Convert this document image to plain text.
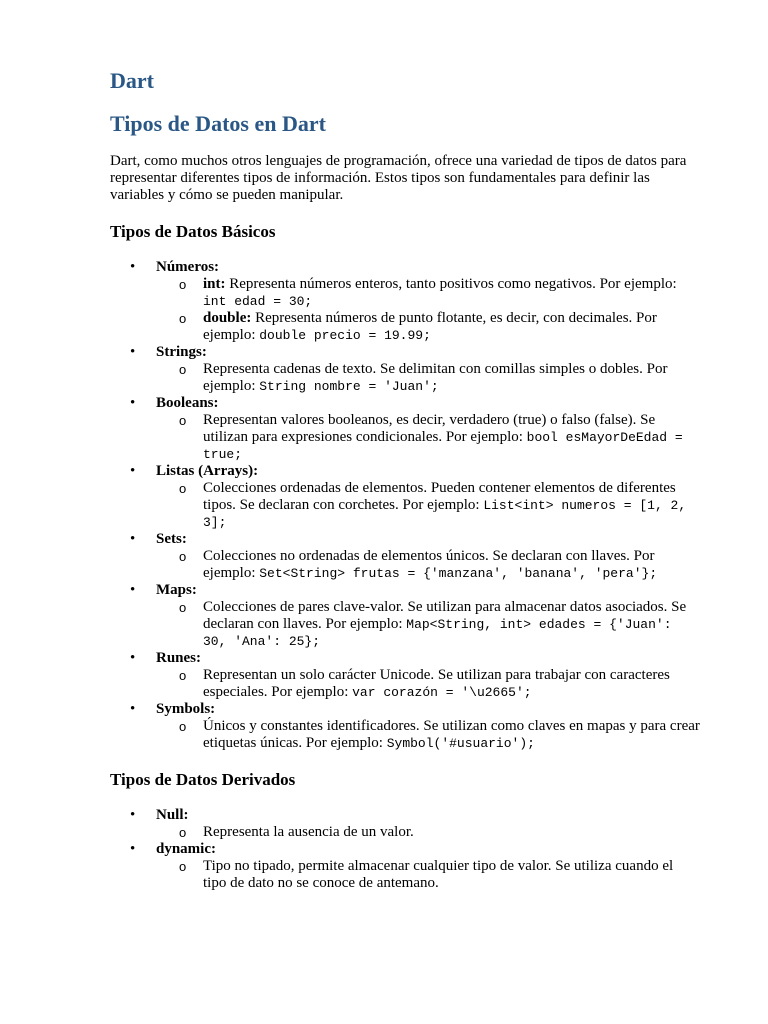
Dart
Tipos de Datos en Dart

Dart, como muchos otros lenguajes de programación, ofrece una variedad de tipos de datos para representar diferentes tipos de información. Estos tipos son fundamentales para definir las variables y cómo se pueden manipular.

Tipos de Datos Básicos
• Números:
o int: Representa números enteros, tanto positivos como negativos. Por ejemplo: int edad = 30;
o double: Representa números de punto flotante, es decir, con decimales. Por ejemplo: double precio = 19.99;
• Strings:
o Representa cadenas de texto. Se delimitan con comillas simples o dobles. Por ejemplo: String nombre = 'Juan';
• Booleans:
o Representan valores booleanos, es decir, verdadero (true) o falso (false). Se utilizan para expresiones condicionales. Por ejemplo: bool esMayorDeEdad = true;
• Listas (Arrays):
o Colecciones ordenadas de elementos. Pueden contener elementos de diferentes tipos. Se declaran con corchetes. Por ejemplo: List<int> numeros = [1, 2, 3];
• Sets:
o Colecciones no ordenadas de elementos únicos. Se declaran con llaves. Por ejemplo: Set<String> frutas = {'manzana', 'banana', 'pera'};
• Maps:
o Colecciones de pares clave-valor. Se utilizan para almacenar datos asociados. Se declaran con llaves. Por ejemplo: Map<String, int> edades = {'Juan': 30, 'Ana': 25};
• Runes:
o Representan un solo carácter Unicode. Se utilizan para trabajar con caracteres especiales. Por ejemplo: var corazón = '\u2665';
• Symbols:
o Únicos y constantes identificadores. Se utilizan como claves en mapas y para crear etiquetas únicas. Por ejemplo: Symbol('#usuario');
Tipos de Datos Derivados
• Null:
o Representa la ausencia de un valor.
• dynamic:
o Tipo no tipado, permite almacenar cualquier tipo de valor. Se utiliza cuando el tipo de dato no se conoce de antemano.
